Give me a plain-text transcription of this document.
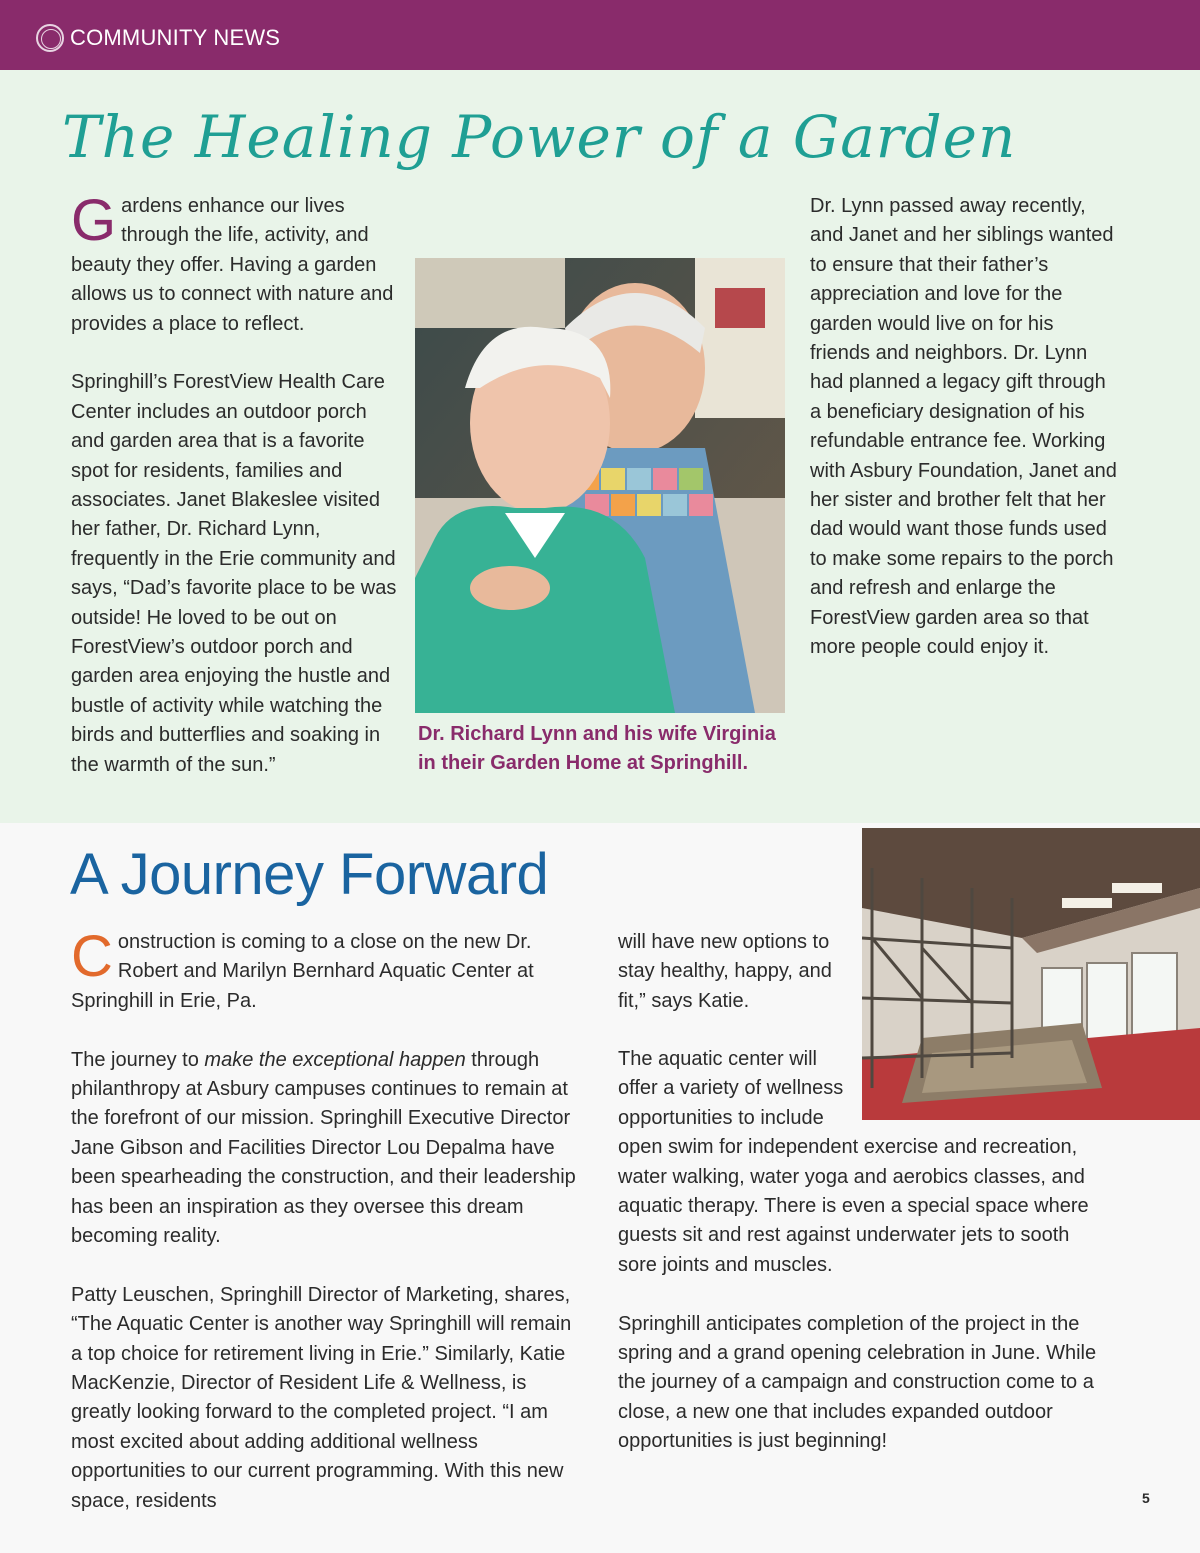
COMMUNITY NEWS
The Healing Power of a Garden

Gardens enhance our lives through the life, activity, and beauty they offer. Having a garden allows us to connect with nature and provides a place to reflect.

Springhill’s ForestView Health Care Center includes an outdoor porch and garden area that is a favorite spot for residents, families and associates. Janet Blakeslee visited her father, Dr. Richard Lynn, frequently in the Erie community and says, “Dad’s favorite place to be was outside! He loved to be out on ForestView’s outdoor porch and garden area enjoying the hustle and bustle of activity while watching the birds and butterflies and soaking in the warmth of the sun.”

Dr. Richard Lynn and his wife Virginia in their Garden Home at Springhill.

Dr. Lynn passed away recently, and Janet and her siblings wanted to ensure that their father’s appreciation and love for the garden would live on for his friends and neighbors. Dr. Lynn had planned a legacy gift through a beneficiary designation of his refundable entrance fee. Working with Asbury Foundation, Janet and her sister and brother felt that her dad would want those funds used to make some repairs to the porch and refresh and enlarge the ForestView garden area so that more people could enjoy it.

A Journey Forward

Construction is coming to a close on the new Dr. Robert and Marilyn Bernhard Aquatic Center at Springhill in Erie, Pa.

The journey to make the exceptional happen through philanthropy at Asbury campuses continues to remain at the forefront of our mission. Springhill Executive Director Jane Gibson and Facilities Director Lou Depalma have been spearheading the construction, and their leadership has been an inspiration as they oversee this dream becoming reality.

Patty Leuschen, Springhill Director of Marketing, shares, “The Aquatic Center is another way Springhill will remain a top choice for retirement living in Erie.” Similarly, Katie MacKenzie, Director of Resident Life & Wellness, is greatly looking forward to the completed project. “I am most excited about adding additional wellness opportunities to our current programming. With this new space, residents

will have new options to stay healthy, happy, and fit,” says Katie.

The aquatic center will offer a variety of wellness opportunities to include open swim for independent exercise and recreation, water walking, water yoga and aerobics classes, and aquatic therapy. There is even a special space where guests sit and rest against underwater jets to sooth sore joints and muscles.

Springhill anticipates completion of the project in the spring and a grand opening celebration in June. While the journey of a campaign and construction come to a close, a new one that includes expanded outdoor opportunities is just beginning!

5
